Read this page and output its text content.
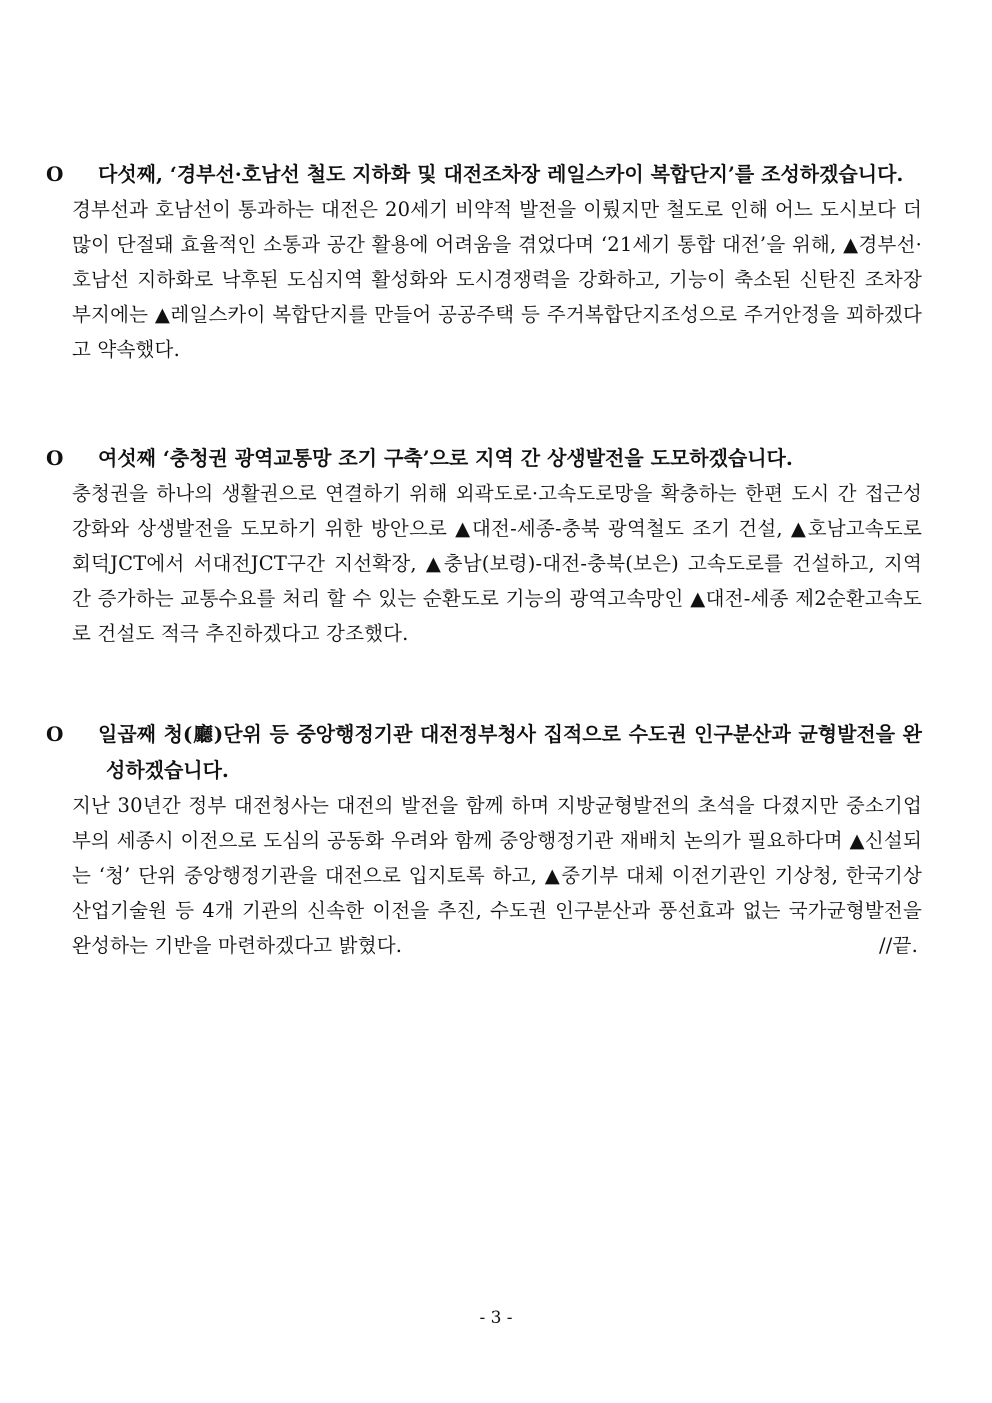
O 다섯째, ‘경부선·호남선 철도 지하화 및 대전조차장 레일스카이 복합단지’를 조성하겠습니다.

경부선과 호남선이 통과하는 대전은 20세기 비약적 발전을 이뤘지만 철도로 인해 어느 도시보다 더 많이 단절돼 효율적인 소통과 공간 활용에 어려움을 겪었다며 ‘21세기 통합 대전’을 위해, ▲경부선·호남선 지하화로 낙후된 도심지역 활성화와 도시경쟁력을 강화하고, 기능이 축소된 신탄진 조차장부지에는 ▲레일스카이 복합단지를 만들어 공공주택 등 주거복합단지조성으로 주거안정을 꾀하겠다고 약속했다.

O 여섯째 ‘충청권 광역교통망 조기 구축’으로 지역 간 상생발전을 도모하겠습니다.

충청권을 하나의 생활권으로 연결하기 위해 외곽도로·고속도로망을 확충하는 한편 도시 간 접근성 강화와 상생발전을 도모하기 위한 방안으로 ▲대전-세종-충북 광역철도 조기 건설, ▲호남고속도로 회덕JCT에서 서대전JCT구간 지선확장, ▲충남(보령)-대전-충북(보은) 고속도로를 건설하고, 지역 간 증가하는 교통수요를 처리 할 수 있는 순환도로 기능의 광역고속망인 ▲대전-세종 제2순환고속도로 건설도 적극 추진하겠다고 강조했다.

O 일곱째 청(廳)단위 등 중앙행정기관 대전정부청사 집적으로 수도권 인구분산과 균형발전을 완성하겠습니다.

지난 30년간 정부 대전청사는 대전의 발전을 함께 하며 지방균형발전의 초석을 다졌지만 중소기업부의 세종시 이전으로 도심의 공동화 우려와 함께 중앙행정기관 재배치 논의가 필요하다며 ▲신설되는 ‘청’ 단위 중앙행정기관을 대전으로 입지토록 하고, ▲중기부 대체 이전기관인 기상청, 한국기상산업기술원 등 4개 기관의 신속한 이전을 추진, 수도권 인구분산과 풍선효과 없는 국가균형발전을 완성하는 기반을 마련하겠다고 밝혔다.	//끝.
- 3 -
